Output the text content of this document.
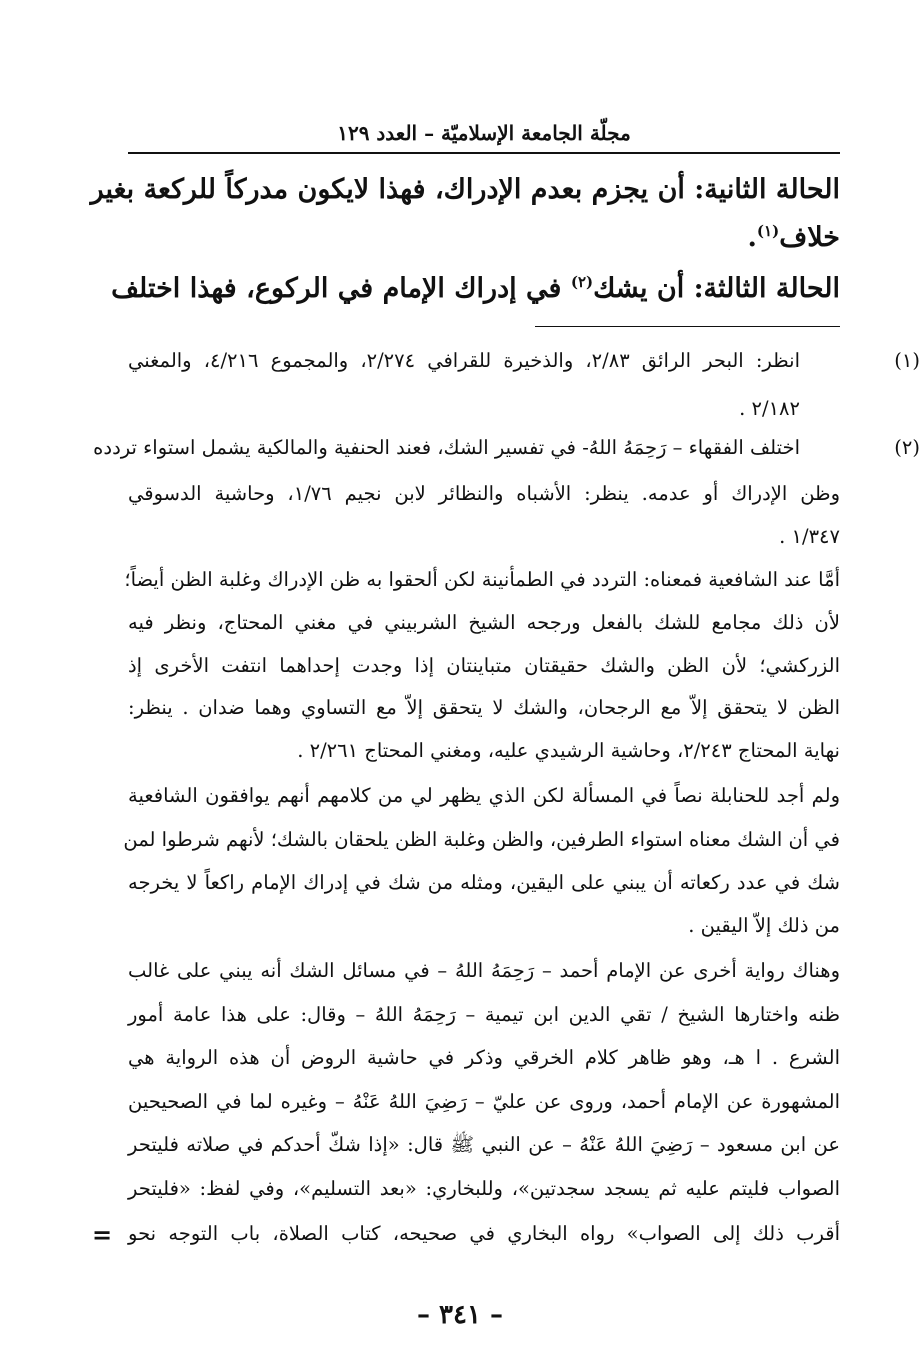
مجلّة الجامعة الإسلاميّة – العدد ١٢٩
الحالة الثانية: أن يجزم بعدم الإدراك، فهذا لايكون مدركاً للركعة بغير
خلاف$^{(١)}$.
الحالة الثالثة: أن يشك$^{(٢)}$ في إدراك الإمام في الركوع، فهذا اختلف
(١)
انظر: البحر الرائق ٢/٨٣، والذخيرة للقرافي ٢/٢٧٤، والمجموع ٤/٢١٦، والمغني
٢/١٨٢ .
(٢)
اختلف الفقهاء – رَحِمَهُ اللهُ- في تفسير الشك، فعند الحنفية والمالكية يشمل استواء تردده
وظن الإدراك أو عدمه. ينظر: الأشباه والنظائر لابن نجيم ١/٧٦، وحاشية الدسوقي
١/٣٤٧ .
أمَّا عند الشافعية فمعناه: التردد في الطمأنينة لكن ألحقوا به ظن الإدراك وغلبة الظن أيضاً؛
لأن ذلك مجامع للشك بالفعل ورجحه الشيخ الشربيني في مغني المحتاج، ونظر فيه
الزركشي؛ لأن الظن والشك حقيقتان متباينتان إذا وجدت إحداهما انتفت الأخرى إذ
الظن لا يتحقق إلاّ مع الرجحان، والشك لا يتحقق إلاّ مع التساوي وهما ضدان . ينظر:
نهاية المحتاج ٢/٢٤٣، وحاشية الرشيدي عليه، ومغني المحتاج ٢/٢٦١ .
ولم أجد للحنابلة نصاً في المسألة لكن الذي يظهر لي من كلامهم أنهم يوافقون الشافعية
في أن الشك معناه استواء الطرفين، والظن وغلبة الظن يلحقان بالشك؛ لأنهم شرطوا لمن
شك في عدد ركعاته أن يبني على اليقين، ومثله من شك في إدراك الإمام راكعاً لا يخرجه
من ذلك إلاّ اليقين .
وهناك رواية أخرى عن الإمام أحمد – رَحِمَهُ اللهُ – في مسائل الشك أنه يبني على غالب
ظنه واختارها الشيخ / تقي الدين ابن تيمية – رَحِمَهُ اللهُ – وقال: على هذا عامة أمور
الشرع . ا هـ، وهو ظاهر كلام الخرقي وذكر في حاشية الروض أن هذه الرواية هي
المشهورة عن الإمام أحمد، وروى عن عليّ – رَضِيَ اللهُ عَنْهُ – وغيره لما في الصحيحين
عن ابن مسعود – رَضِيَ اللهُ عَنْهُ – عن النبي ﷺ قال: «إذا شكّ أحدكم في صلاته فليتحر
الصواب فليتم عليه ثم يسجد سجدتين»، وللبخاري: «بعد التسليم»، وفي لفظ: «فليتحر
أقرب ذلك إلى الصواب» رواه البخاري في صحيحه، كتاب الصلاة، باب التوجه نحو
=
– ٣٤١ –
